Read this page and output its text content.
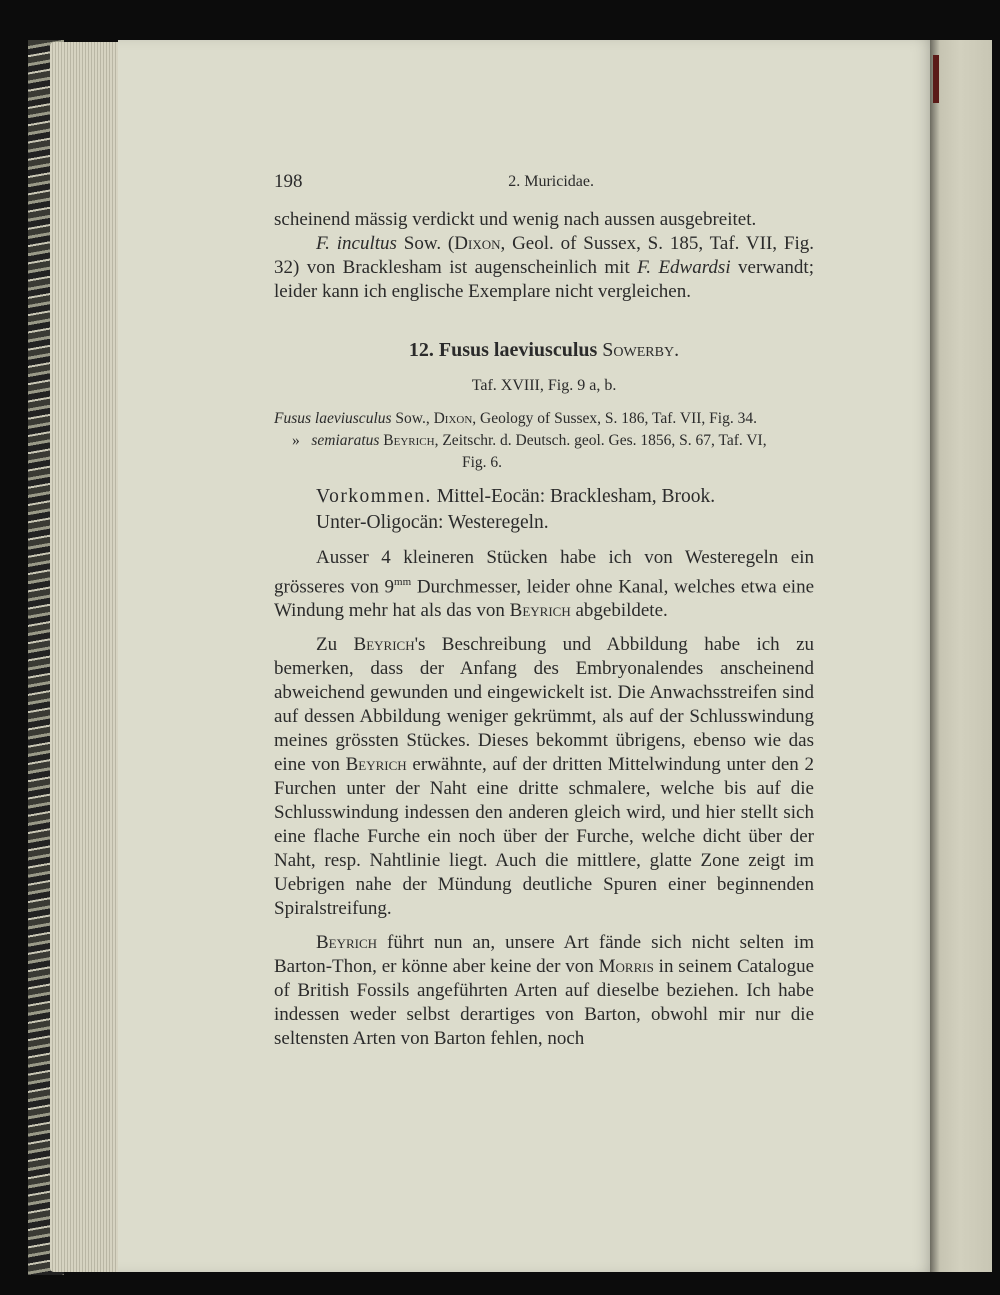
198	2. Muricidae.

scheinend mässig verdickt und wenig nach aussen ausgebreitet.

F. incultus Sow. (Dixon, Geol. of Sussex, S. 185, Taf. VII, Fig. 32) von Bracklesham ist augenscheinlich mit F. Edwardsi verwandt; leider kann ich englische Exemplare nicht vergleichen.

12. Fusus laeviusculus Sowerby.
Taf. XVIII, Fig. 9 a, b.

Fusus laeviusculus Sow., Dixon, Geology of Sussex, S. 186, Taf. VII, Fig. 34.

» semiaratus Beyrich, Zeitschr. d. Deutsch. geol. Ges. 1856, S. 67, Taf. VI,

Fig. 6.

Vorkommen. Mittel-Eocän: Bracklesham, Brook.
Unter-Oligocän: Westeregeln.

Ausser 4 kleineren Stücken habe ich von Westeregeln ein grösseres von $9^{mm}$ Durchmesser, leider ohne Kanal, welches etwa eine Windung mehr hat als das von Beyrich abgebildete.

Zu Beyrich's Beschreibung und Abbildung habe ich zu bemerken, dass der Anfang des Embryonalendes anscheinend abweichend gewunden und eingewickelt ist. Die Anwachsstreifen sind auf dessen Abbildung weniger gekrümmt, als auf der Schlusswindung meines grössten Stückes. Dieses bekommt übrigens, ebenso wie das eine von Beyrich erwähnte, auf der dritten Mittelwindung unter den 2 Furchen unter der Naht eine dritte schmalere, welche bis auf die Schlusswindung indessen den anderen gleich wird, und hier stellt sich eine flache Furche ein noch über der Furche, welche dicht über der Naht, resp. Nahtlinie liegt. Auch die mittlere, glatte Zone zeigt im Uebrigen nahe der Mündung deutliche Spuren einer beginnenden Spiralstreifung.

Beyrich führt nun an, unsere Art fände sich nicht selten im Barton-Thon, er könne aber keine der von Morris in seinem Catalogue of British Fossils angeführten Arten auf dieselbe beziehen. Ich habe indessen weder selbst derartiges von Barton, obwohl mir nur die seltensten Arten von Barton fehlen, noch
